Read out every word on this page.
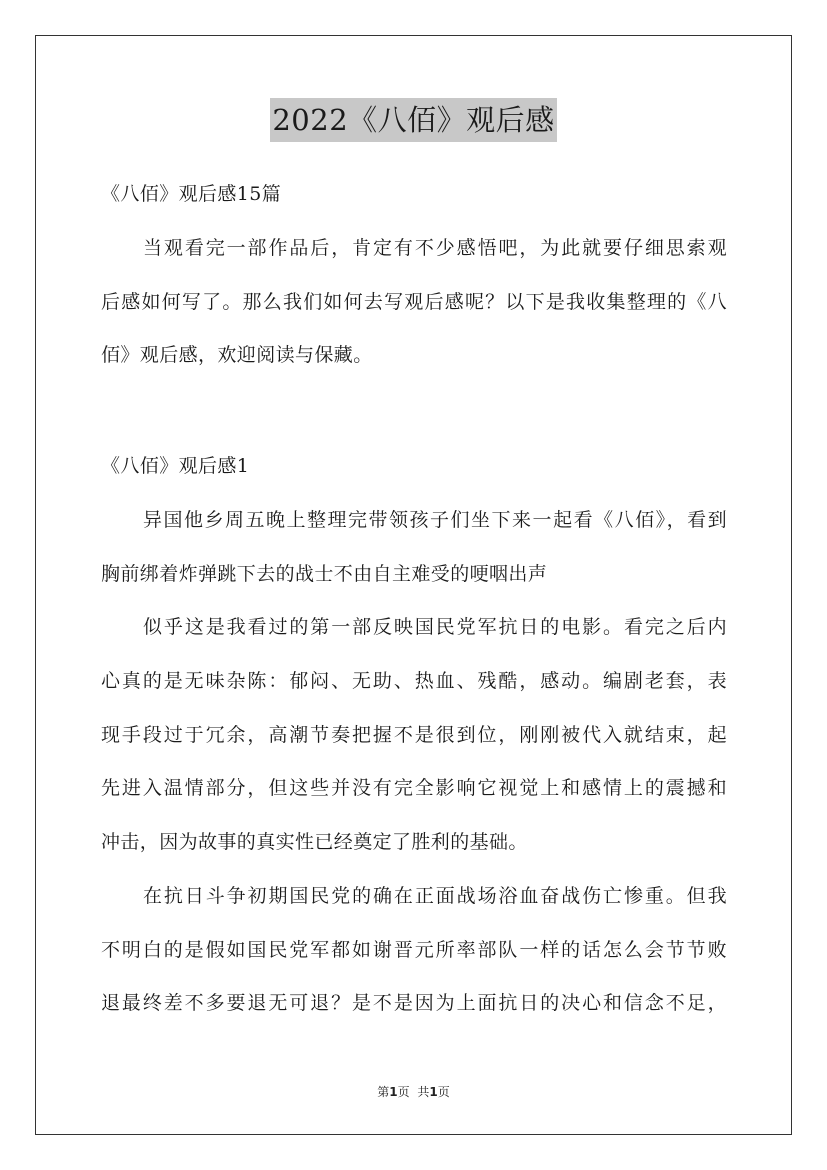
2022《八佰》观后感
《八佰》观后感15篇
当观看完一部作品后，肯定有不少感悟吧，为此就要仔细思索观
后感如何写了。那么我们如何去写观后感呢？以下是我收集整理的《八
佰》观后感，欢迎阅读与保藏。
《八佰》观后感1
异国他乡周五晚上整理完带领孩子们坐下来一起看《八佰》，看到
胸前绑着炸弹跳下去的战士不由自主难受的哽咽出声
似乎这是我看过的第一部反映国民党军抗日的电影。看完之后内
心真的是无味杂陈：郁闷、无助、热血、残酷，感动。编剧老套，表
现手段过于冗余，高潮节奏把握不是很到位，刚刚被代入就结束，起
先进入温情部分，但这些并没有完全影响它视觉上和感情上的震撼和
冲击，因为故事的真实性已经奠定了胜利的基础。
在抗日斗争初期国民党的确在正面战场浴血奋战伤亡惨重。但我
不明白的是假如国民党军都如谢晋元所率部队一样的话怎么会节节败
退最终差不多要退无可退？是不是因为上面抗日的决心和信念不足，
第1页 共1页
